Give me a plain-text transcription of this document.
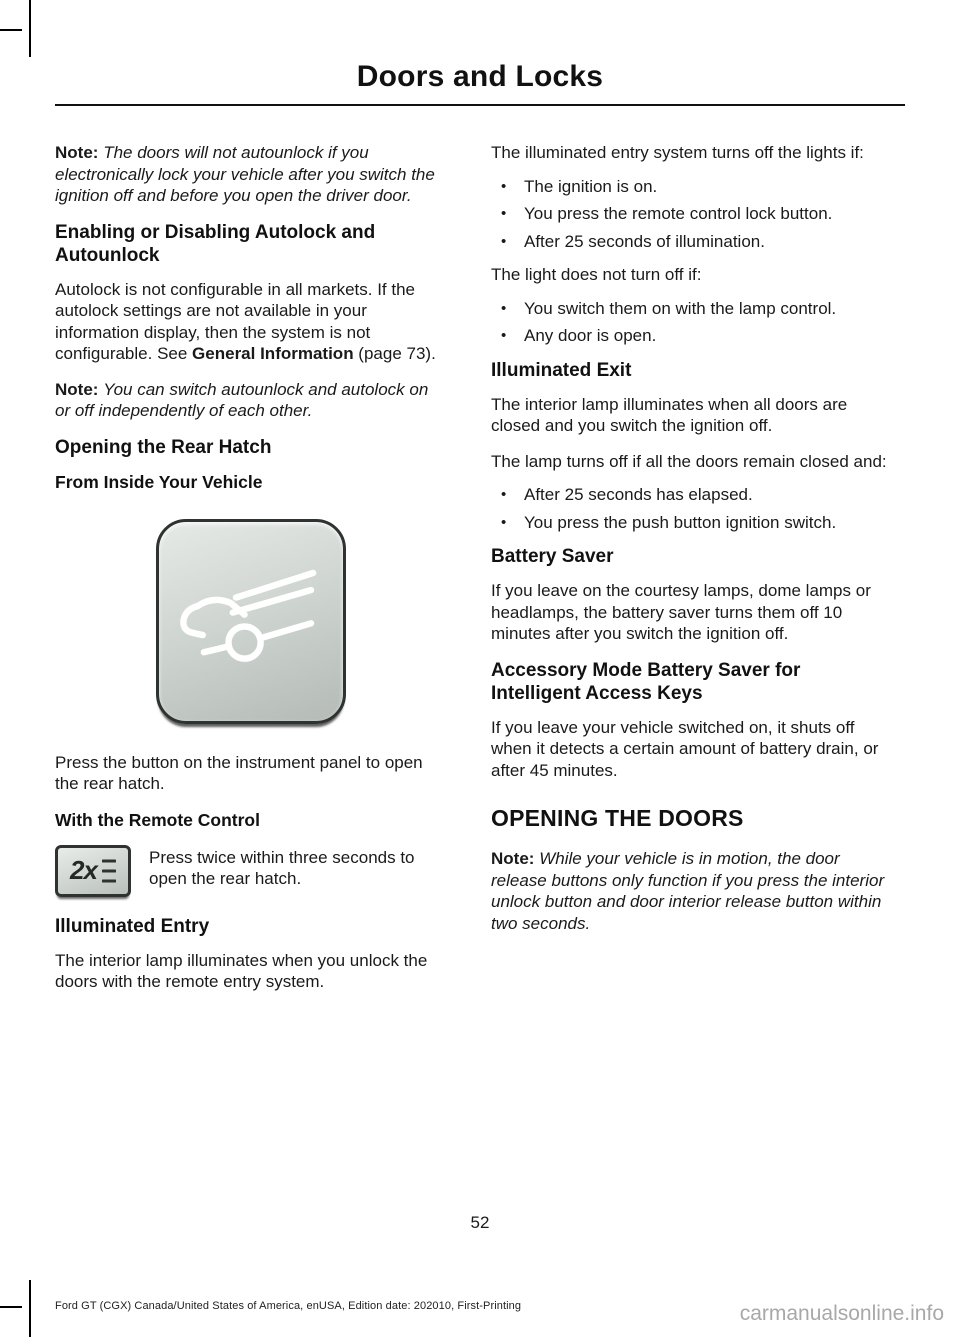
Doors and Locks

Note: The doors will not autounlock if you electronically lock your vehicle after you switch the ignition off and before you open the driver door.

Enabling or Disabling Autolock and Autounlock

Autolock is not configurable in all markets. If the autolock settings are not available in your information display, then the system is not configurable. See General Information (page 73).

Note: You can switch autounlock and autolock on or off independently of each other.

Opening the Rear Hatch
From Inside Your Vehicle

Press the button on the instrument panel to open the rear hatch.

With the Remote Control
2x	Press twice within three seconds to open the rear hatch.

Illuminated Entry

The interior lamp illuminates when you unlock the doors with the remote entry system.

The illuminated entry system turns off the lights if:

• The ignition is on.
• You press the remote control lock button.
• After 25 seconds of illumination.

The light does not turn off if:

• You switch them on with the lamp control.
• Any door is open.
Illuminated Exit

The interior lamp illuminates when all doors are closed and you switch the ignition off.

The lamp turns off if all the doors remain closed and:

• After 25 seconds has elapsed.
• You press the push button ignition switch.
Battery Saver

If you leave on the courtesy lamps, dome lamps or headlamps, the battery saver turns them off 10 minutes after you switch the ignition off.

Accessory Mode Battery Saver for Intelligent Access Keys

If you leave your vehicle switched on, it shuts off when it detects a certain amount of battery drain, or after 45 minutes.

OPENING THE DOORS

Note: While your vehicle is in motion, the door release buttons only function if you press the interior unlock button and door interior release button within two seconds.

52
Ford GT (CGX) Canada/United States of America, enUSA, Edition date: 202010, First-Printing	carmanualsonline.info
